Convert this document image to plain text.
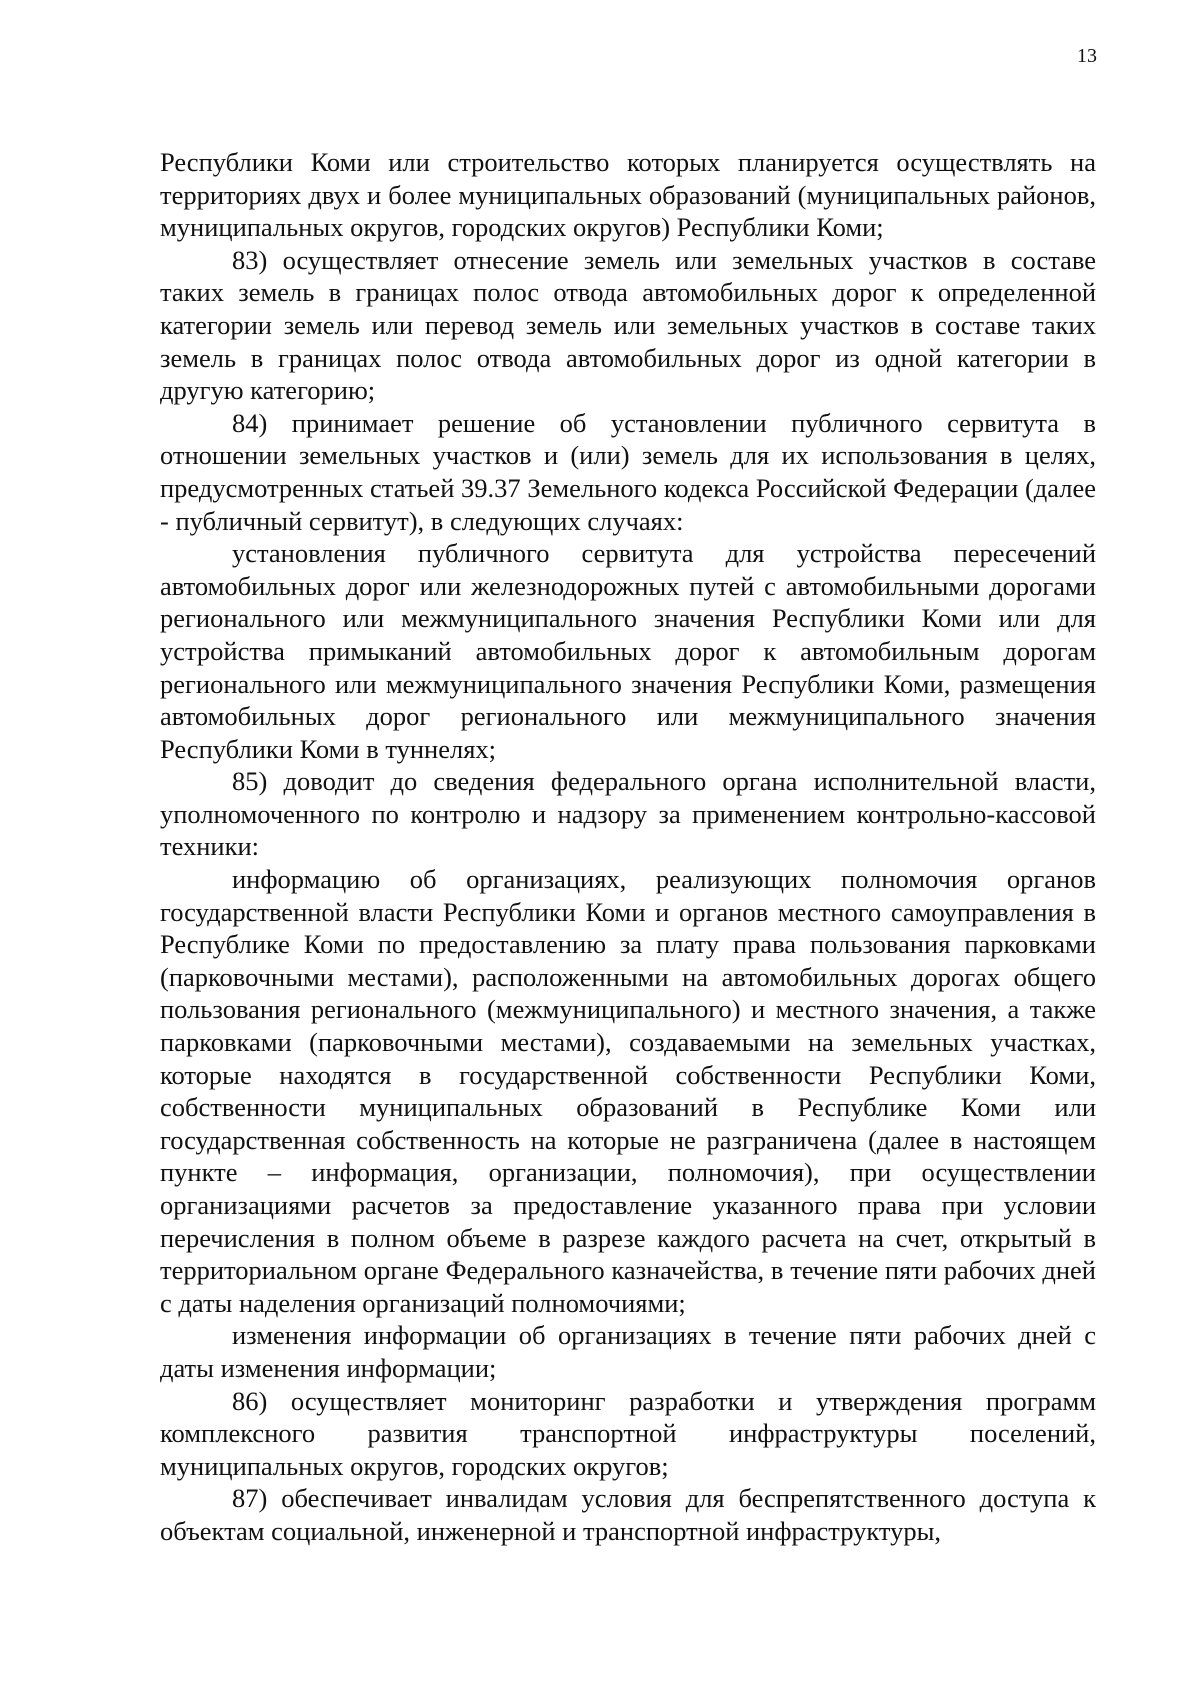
13

Республики Коми или строительство которых планируется осуществлять на территориях двух и более муниципальных образований (муниципальных районов, муниципальных округов, городских округов) Республики Коми;

83) осуществляет отнесение земель или земельных участков в составе таких земель в границах полос отвода автомобильных дорог к определенной категории земель или перевод земель или земельных участков в составе таких земель в границах полос отвода автомобильных дорог из одной категории в другую категорию;

84) принимает решение об установлении публичного сервитута в отношении земельных участков и (или) земель для их использования в целях, предусмотренных статьей 39.37 Земельного кодекса Российской Федерации (далее - публичный сервитут), в следующих случаях:

установления публичного сервитута для устройства пересечений автомобильных дорог или железнодорожных путей с автомобильными дорогами регионального или межмуниципального значения Республики Коми или для устройства примыканий автомобильных дорог к автомобильным дорогам регионального или межмуниципального значения Республики Коми, размещения автомобильных дорог регионального или межмуниципального значения Республики Коми в туннелях;

85) доводит до сведения федерального органа исполнительной власти, уполномоченного по контролю и надзору за применением контрольно-кассовой техники:

информацию об организациях, реализующих полномочия органов государственной власти Республики Коми и органов местного самоуправления в Республике Коми по предоставлению за плату права пользования парковками (парковочными местами), расположенными на автомобильных дорогах общего пользования регионального (межмуниципального) и местного значения, а также парковками (парковочными местами), создаваемыми на земельных участках, которые находятся в государственной собственности Республики Коми, собственности муниципальных образований в Республике Коми или государственная собственность на которые не разграничена (далее в настоящем пункте – информация, организации, полномочия), при осуществлении организациями расчетов за предоставление указанного права при условии перечисления в полном объеме в разрезе каждого расчета на счет, открытый в территориальном органе Федерального казначейства, в течение пяти рабочих дней с даты наделения организаций полномочиями;

изменения информации об организациях в течение пяти рабочих дней с даты изменения информации;

86) осуществляет мониторинг разработки и утверждения программ комплексного развития транспортной инфраструктуры поселений, муниципальных округов, городских округов;

87) обеспечивает инвалидам условия для беспрепятственного доступа к объектам социальной, инженерной и транспортной инфраструктуры,
